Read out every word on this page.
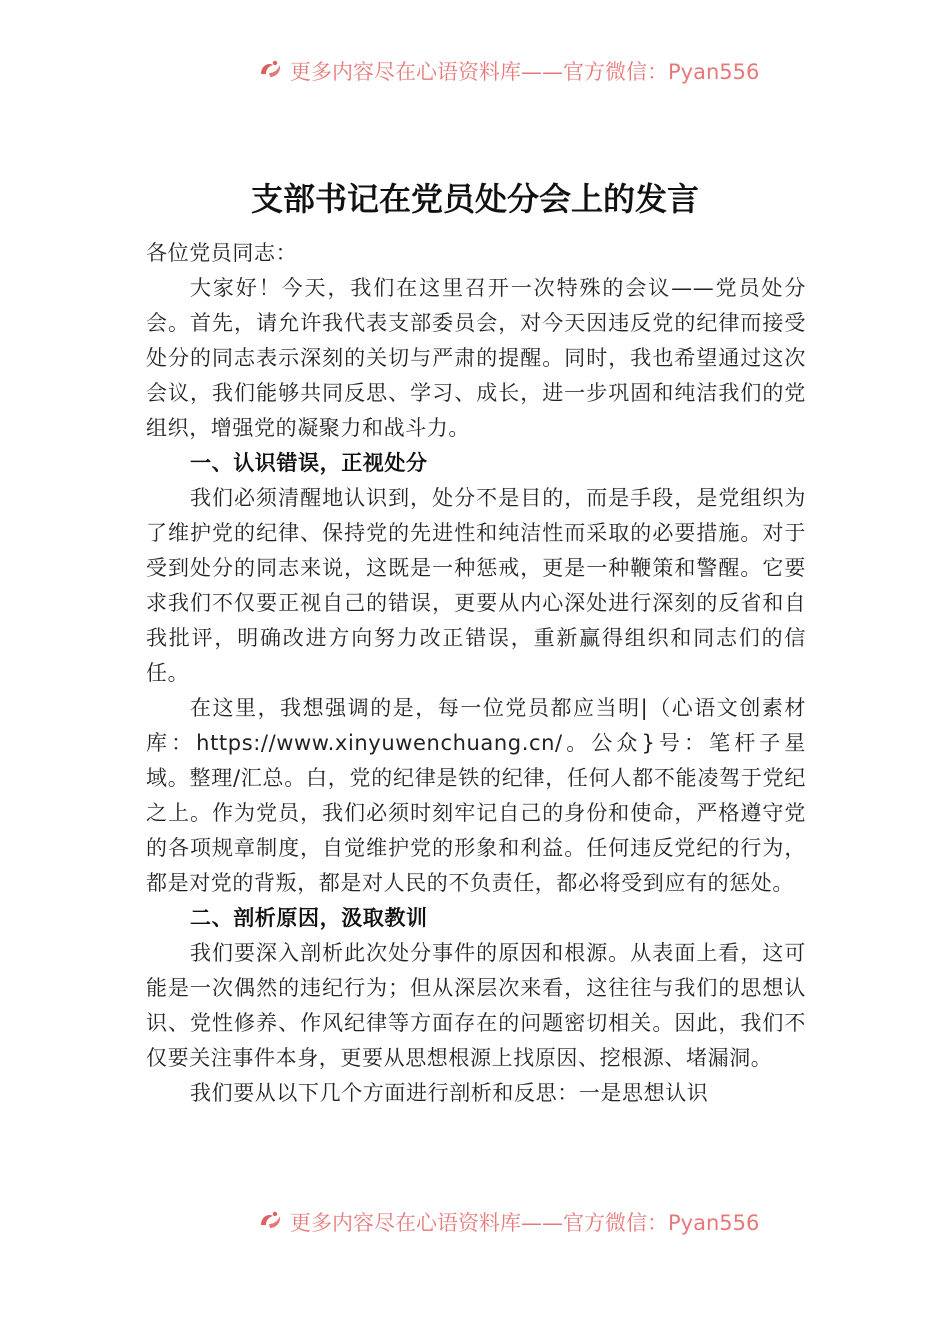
更多内容尽在心语资料库——官方微信：Pyan556
支部书记在党员处分会上的发言

各位党员同志：

大家好！今天，我们在这里召开一次特殊的会议——党员处分会。首先，请允许我代表支部委员会，对今天因违反党的纪律而接受处分的同志表示深刻的关切与严肃的提醒。同时，我也希望通过这次会议，我们能够共同反思、学习、成长，进一步巩固和纯洁我们的党组织，增强党的凝聚力和战斗力。

一、认识错误，正视处分

我们必须清醒地认识到，处分不是目的，而是手段，是党组织为了维护党的纪律、保持党的先进性和纯洁性而采取的必要措施。对于受到处分的同志来说，这既是一种惩戒，更是一种鞭策和警醒。它要求我们不仅要正视自己的错误，更要从内心深处进行深刻的反省和自我批评，明确改进方向努力改正错误，重新赢得组织和同志们的信任。

在这里，我想强调的是，每一位党员都应当明|（心语文创素材库：https://www.xinyuwenchuang.cn/。公众}号：笔杆子星域。整理/汇总。白，党的纪律是铁的纪律，任何人都不能凌驾于党纪之上。作为党员，我们必须时刻牢记自己的身份和使命，严格遵守党的各项规章制度，自觉维护党的形象和利益。任何违反党纪的行为，都是对党的背叛，都是对人民的不负责任，都必将受到应有的惩处。

二、剖析原因，汲取教训

我们要深入剖析此次处分事件的原因和根源。从表面上看，这可能是一次偶然的违纪行为；但从深层次来看，这往往与我们的思想认识、党性修养、作风纪律等方面存在的问题密切相关。因此，我们不仅要关注事件本身，更要从思想根源上找原因、挖根源、堵漏洞。

我们要从以下几个方面进行剖析和反思：一是思想认识

更多内容尽在心语资料库——官方微信：Pyan556
